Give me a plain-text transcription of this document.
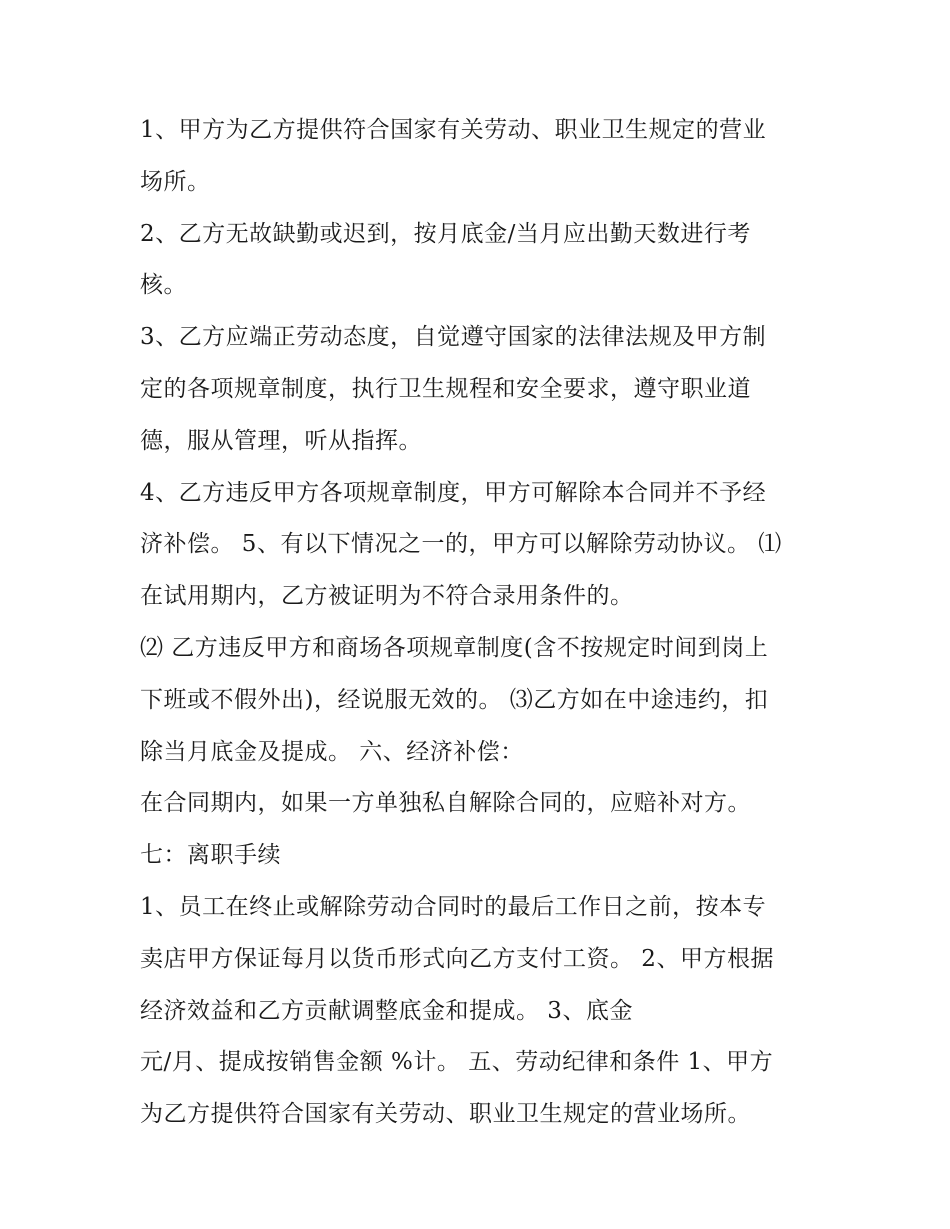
1、甲方为乙方提供符合国家有关劳动、职业卫生规定的营业
场所。
2、乙方无故缺勤或迟到，按月底金/当月应出勤天数进行考
核。
3、乙方应端正劳动态度，自觉遵守国家的法律法规及甲方制
定的各项规章制度，执行卫生规程和安全要求，遵守职业道
德，服从管理，听从指挥。
4、乙方违反甲方各项规章制度，甲方可解除本合同并不予经
济补偿。 5、有以下情况之一的，甲方可以解除劳动协议。 ⑴
在试用期内，乙方被证明为不符合录用条件的。
⑵ 乙方违反甲方和商场各项规章制度(含不按规定时间到岗上
下班或不假外出)，经说服无效的。 ⑶乙方如在中途违约，扣
除当月底金及提成。 六、经济补偿：
在合同期内，如果一方单独私自解除合同的，应赔补对方。
七：离职手续
1、员工在终止或解除劳动合同时的最后工作日之前，按本专
卖店甲方保证每月以货币形式向乙方支付工资。 2、甲方根据
经济效益和乙方贡献调整底金和提成。 3、底金
元/月、提成按销售金额 %计。 五、劳动纪律和条件 1、甲方
为乙方提供符合国家有关劳动、职业卫生规定的营业场所。
